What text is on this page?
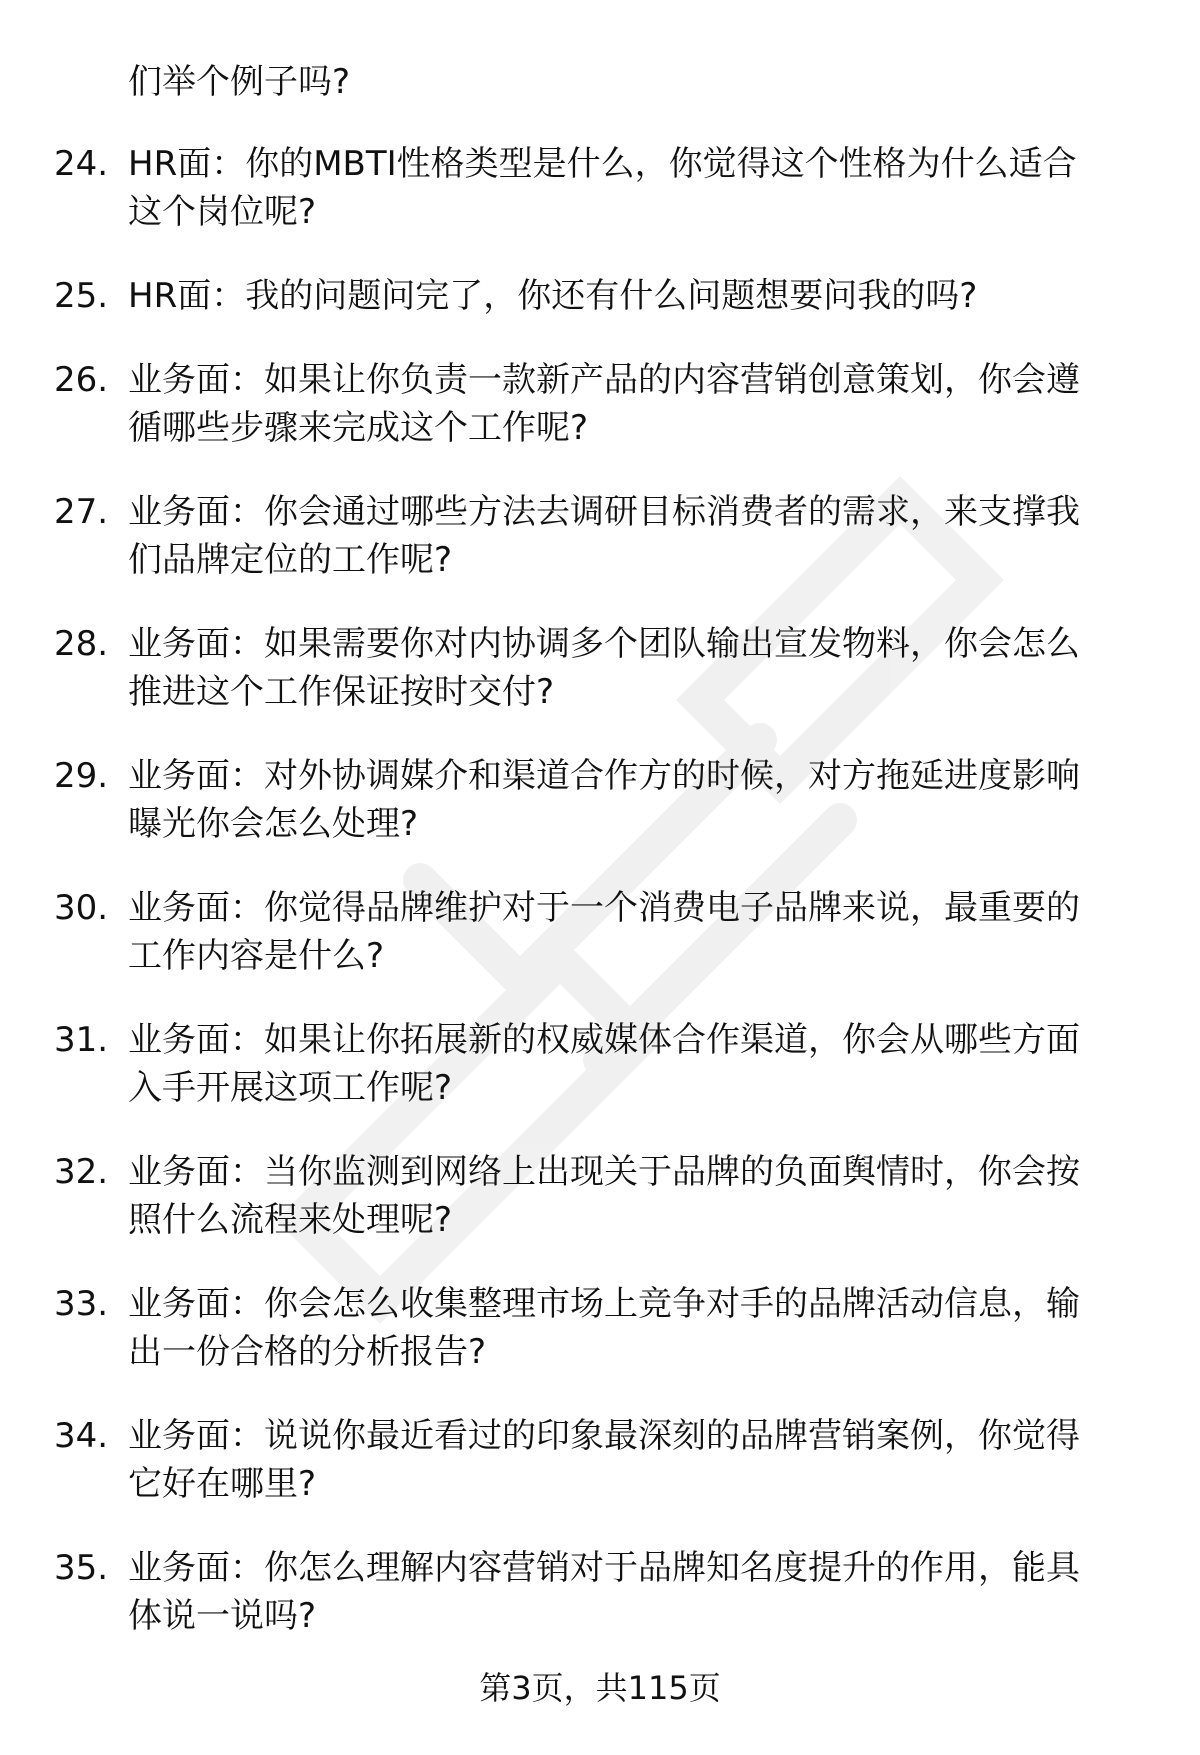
们举个例子吗?
24. HR面：你的MBTI性格类型是什么，你觉得这个性格为什么适合
这个岗位呢?
25. HR面：我的问题问完了，你还有什么问题想要问我的吗?
26. 业务面：如果让你负责一款新产品的内容营销创意策划，你会遵
循哪些步骤来完成这个工作呢?
27. 业务面：你会通过哪些方法去调研目标消费者的需求，来支撑我
们品牌定位的工作呢?
28. 业务面：如果需要你对内协调多个团队输出宣发物料，你会怎么
推进这个工作保证按时交付?
29. 业务面：对外协调媒介和渠道合作方的时候，对方拖延进度影响
曝光你会怎么处理?
30. 业务面：你觉得品牌维护对于一个消费电子品牌来说，最重要的
工作内容是什么?
31. 业务面：如果让你拓展新的权威媒体合作渠道，你会从哪些方面
入手开展这项工作呢?
32. 业务面：当你监测到网络上出现关于品牌的负面舆情时，你会按
照什么流程来处理呢?
33. 业务面：你会怎么收集整理市场上竞争对手的品牌活动信息，输
出一份合格的分析报告?
34. 业务面：说说你最近看过的印象最深刻的品牌营销案例，你觉得
它好在哪里?
35. 业务面：你怎么理解内容营销对于品牌知名度提升的作用，能具
体说一说吗?
第3页，共115页
